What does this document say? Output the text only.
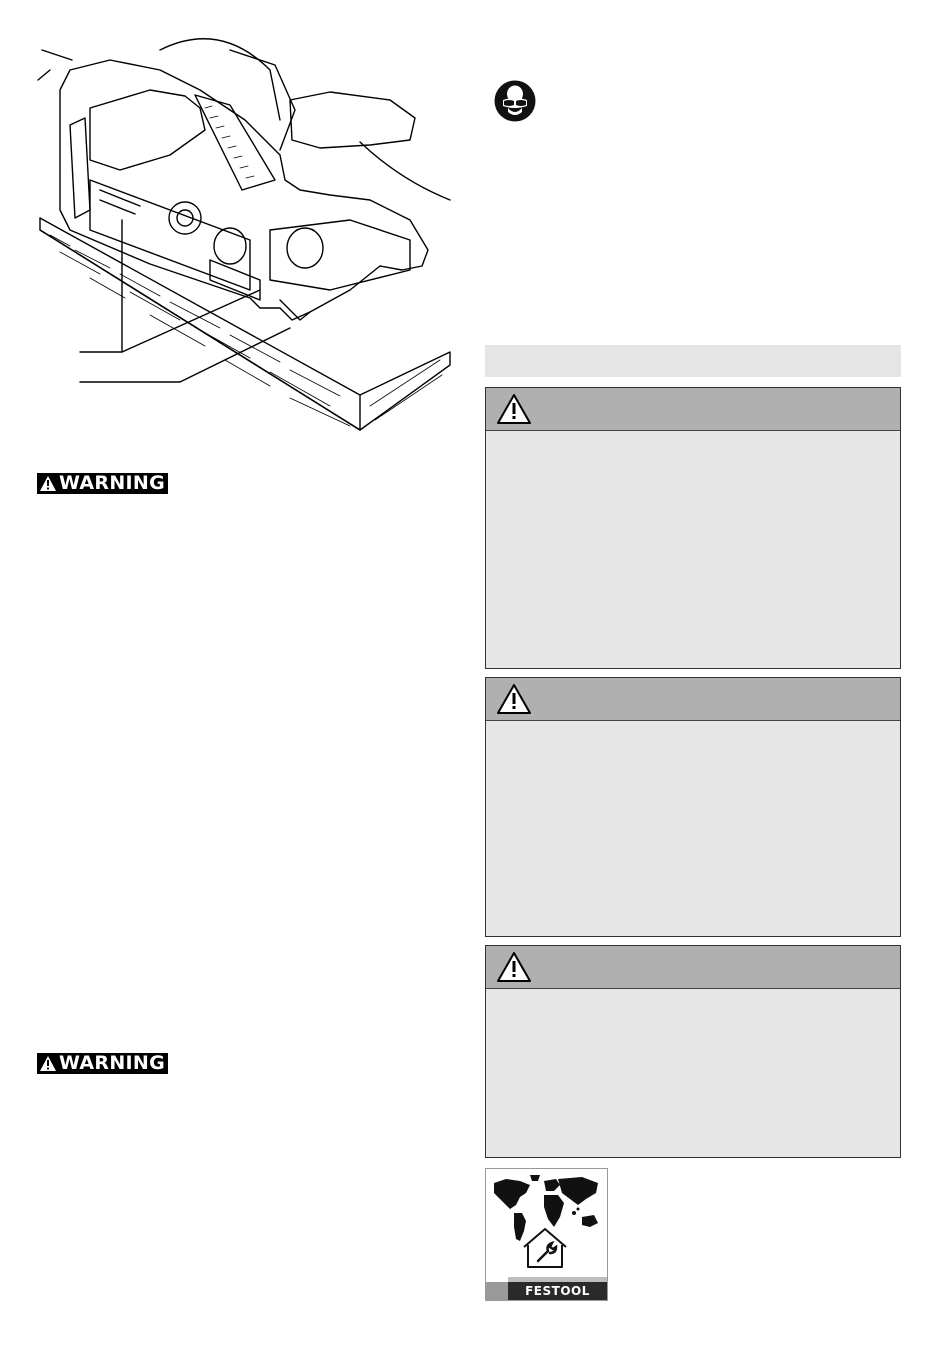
WARNING
WARNING
FESTOOL
